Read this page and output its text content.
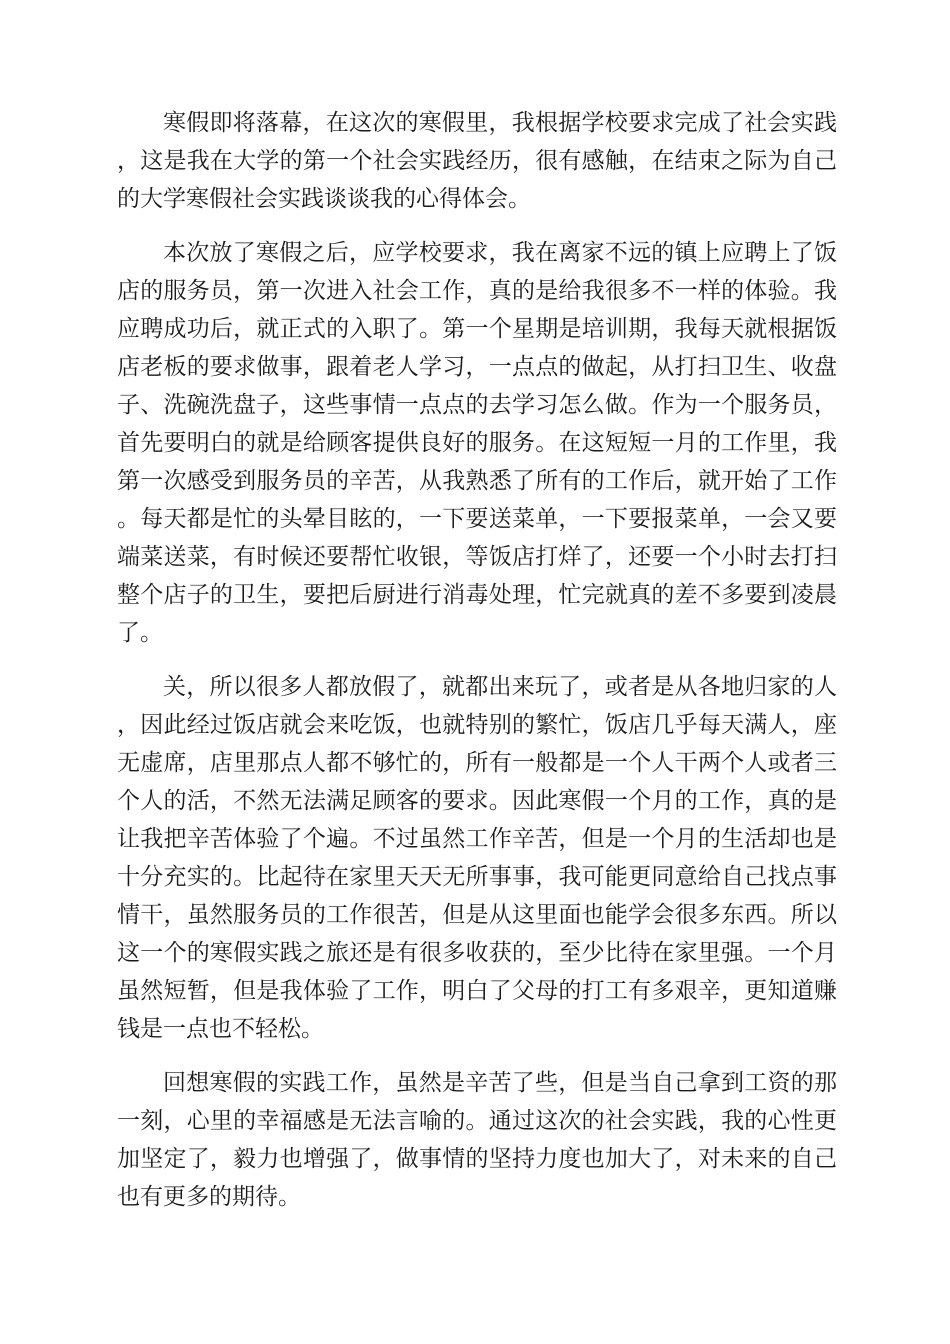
寒假即将落幕，在这次的寒假里，我根据学校要求完成了社会实践，这是我在大学的第一个社会实践经历，很有感触，在结束之际为自己的大学寒假社会实践谈谈我的心得体会。

本次放了寒假之后，应学校要求，我在离家不远的镇上应聘上了饭店的服务员，第一次进入社会工作，真的是给我很多不一样的体验。我应聘成功后，就正式的入职了。第一个星期是培训期，我每天就根据饭店老板的要求做事，跟着老人学习，一点点的做起，从打扫卫生、收盘子、洗碗洗盘子，这些事情一点点的去学习怎么做。作为一个服务员，首先要明白的就是给顾客提供良好的服务。在这短短一月的工作里，我第一次感受到服务员的辛苦，从我熟悉了所有的工作后，就开始了工作。每天都是忙的头晕目眩的，一下要送菜单，一下要报菜单，一会又要端菜送菜，有时候还要帮忙收银，等饭店打烊了，还要一个小时去打扫整个店子的卫生，要把后厨进行消毒处理，忙完就真的差不多要到凌晨了。

关，所以很多人都放假了，就都出来玩了，或者是从各地归家的人，因此经过饭店就会来吃饭，也就特别的繁忙，饭店几乎每天满人，座无虚席，店里那点人都不够忙的，所有一般都是一个人干两个人或者三个人的活，不然无法满足顾客的要求。因此寒假一个月的工作，真的是让我把辛苦体验了个遍。不过虽然工作辛苦，但是一个月的生活却也是十分充实的。比起待在家里天天无所事事，我可能更同意给自己找点事情干，虽然服务员的工作很苦，但是从这里面也能学会很多东西。所以这一个的寒假实践之旅还是有很多收获的，至少比待在家里强。一个月虽然短暂，但是我体验了工作，明白了父母的打工有多艰辛，更知道赚钱是一点也不轻松。

回想寒假的实践工作，虽然是辛苦了些，但是当自己拿到工资的那一刻，心里的幸福感是无法言喻的。通过这次的社会实践，我的心性更加坚定了，毅力也增强了，做事情的坚持力度也加大了，对未来的自己也有更多的期待。
